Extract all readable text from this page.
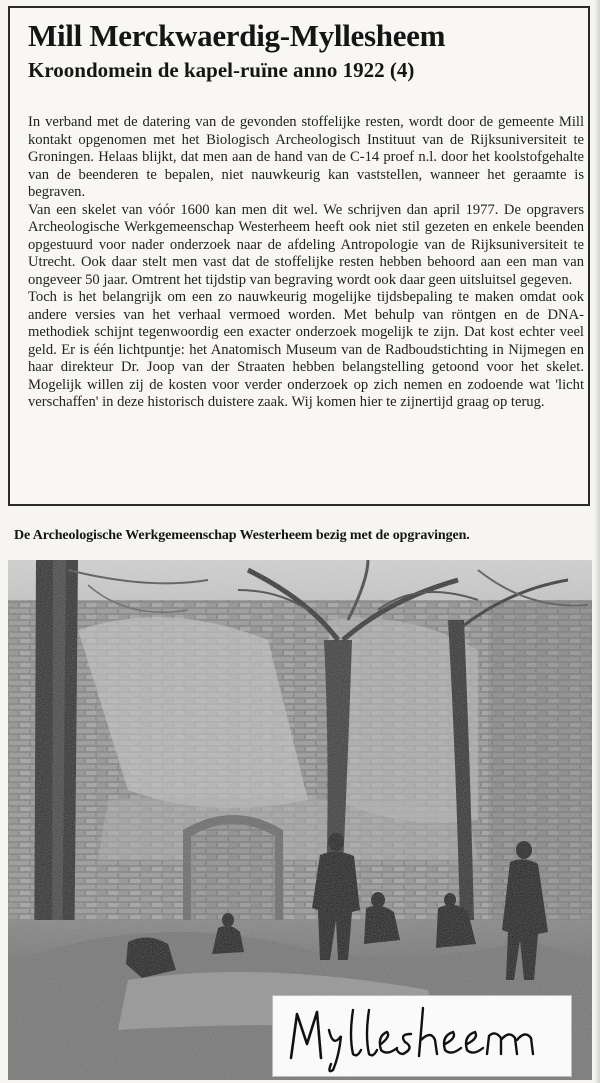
Mill Merckwaerdig-Myllesheem
Kroondomein de kapel-ruïne anno 1922 (4)

In verband met de datering van de gevonden stoffelijke resten, wordt door de gemeente Mill kontakt opgenomen met het Biologisch Archeologisch Instituut van de Rijksuniversiteit te Groningen. Helaas blijkt, dat men aan de hand van de C-14 proef n.l. door het koolstofgehalte van de beenderen te bepalen, niet nauwkeurig kan vaststellen, wanneer het geraamte is begraven.

Van een skelet van vóór 1600 kan men dit wel. We schrijven dan april 1977. De opgravers Archeologische Werkgemeenschap Westerheem heeft ook niet stil gezeten en enkele beenden opgestuurd voor nader onderzoek naar de afdeling Antropologie van de Rijksuniversiteit te Utrecht. Ook daar stelt men vast dat de stoffelijke resten hebben behoord aan een man van ongeveer 50 jaar. Omtrent het tijdstip van begraving wordt ook daar geen uitsluitsel gegeven.

Toch is het belangrijk om een zo nauwkeurig mogelijke tijdsbepaling te maken omdat ook andere versies van het verhaal vermoed worden. Met behulp van röntgen en de DNA-methodiek schijnt tegenwoordig een exacter onderzoek mogelijk te zijn. Dat kost echter veel geld. Er is één lichtpuntje: het Anatomisch Museum van de Radboudstichting in Nijmegen en haar direkteur Dr. Joop van der Straaten hebben belangstelling getoond voor het skelet. Mogelijk willen zij de kosten voor verder onderzoek op zich nemen en zodoende wat 'licht verschaffen' in deze historisch duistere zaak. Wij komen hier te zijnertijd graag op terug.

De Archeologische Werkgemeenschap Westerheem bezig met de opgravingen.
